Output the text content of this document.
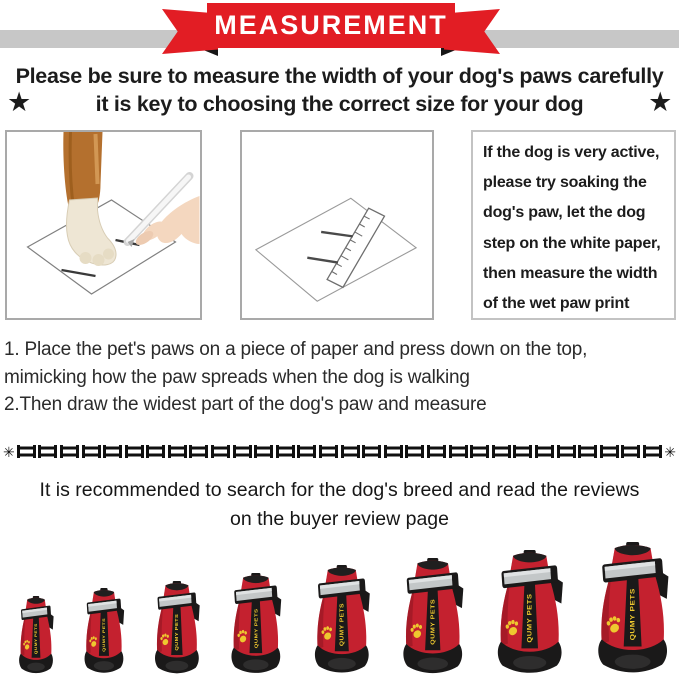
MEASUREMENT
★
Please be sure to measure the width of your dog's paws carefully
it is key to choosing the correct size for your dog	★
If the dog is very active,
please try soaking the
dog's paw, let the dog
step on the white paper,
then measure the width
of the wet paw print
1. Place the pet's paws on a piece of paper and press down on the top,
mimicking how the paw spreads when the dog is walking
2.Then draw the widest part of the dog's paw and measure
✳	✳
It is recommended to search for the dog's breed and read the reviews
on the buyer review page
QUMY PETS	QUMY PETS	QUMY PETS	QUMY PETS	QUMY PETS	QUMY PETS	QUMY PETS	QUMY PETS
